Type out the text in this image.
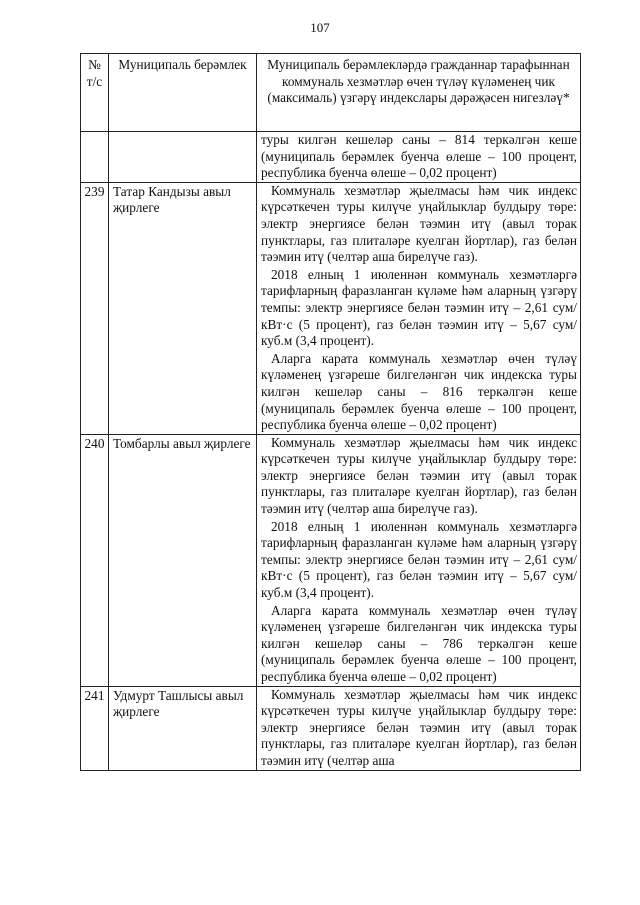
107
№ т/с	Муниципаль берәмлек	Муниципаль берәмлекләрдә гражданнар тарафыннан коммуналь хезмәтләр өчен түләү күләменең чик (максималь) үзгәрү индекслары дәрәҗәсен нигезләү*

		туры килгән кешеләр саны – 814 теркәлгән кеше (муниципаль берәмлек буенча өлеше – 100 процент, республика буенча өлеше – 0,02 процент)

239	Татар Кандызы авыл җирлеге	Коммуналь хезмәтләр җыелмасы һәм чик индекс күрсәткечен туры килүче уңайлыклар булдыру төре: электр энергиясе белән тәэмин итү (авыл торак пунктлары, газ плиталәре куелган йортлар), газ белән тәэмин итү (челтәр аша бирелүче газ).
2018 елның 1 июленнән коммуналь хезмәтләргә тарифларның фаразланган күләме һәм аларның үзгәрү темпы: электр энергиясе белән тәэмин итү – 2,61 сум/кВт·с (5 процент), газ белән тәэмин итү – 5,67 сум/куб.м (3,4 процент).
Аларга карата коммуналь хезмәтләр өчен түләү күләменең үзгәреше билгеләнгән чик индекска туры килгән кешеләр саны – 816 теркәлгән кеше (муниципаль берәмлек буенча өлеше – 100 процент, республика буенча өлеше – 0,02 процент)

240	Томбарлы авыл җирлеге	Коммуналь хезмәтләр җыелмасы һәм чик индекс күрсәткечен туры килүче уңайлыклар булдыру төре: электр энергиясе белән тәэмин итү (авыл торак пунктлары, газ плиталәре куелган йортлар), газ белән тәэмин итү (челтәр аша бирелүче газ).
2018 елның 1 июленнән коммуналь хезмәтләргә тарифларның фаразланган күләме һәм аларның үзгәрү темпы: электр энергиясе белән тәэмин итү – 2,61 сум/кВт·с (5 процент), газ белән тәэмин итү – 5,67 сум/куб.м (3,4 процент).
Аларга карата коммуналь хезмәтләр өчен түләү күләменең үзгәреше билгеләнгән чик индекска туры килгән кешеләр саны – 786 теркәлгән кеше (муниципаль берәмлек буенча өлеше – 100 процент, республика буенча өлеше – 0,02 процент)

241	Удмурт Ташлысы авыл җирлеге	Коммуналь хезмәтләр җыелмасы һәм чик индекс күрсәткечен туры килүче уңайлыклар булдыру төре: электр энергиясе белән тәэмин итү (авыл торак пунктлары, газ плиталәре куелган йортлар), газ белән тәэмин итү (челтәр аша
